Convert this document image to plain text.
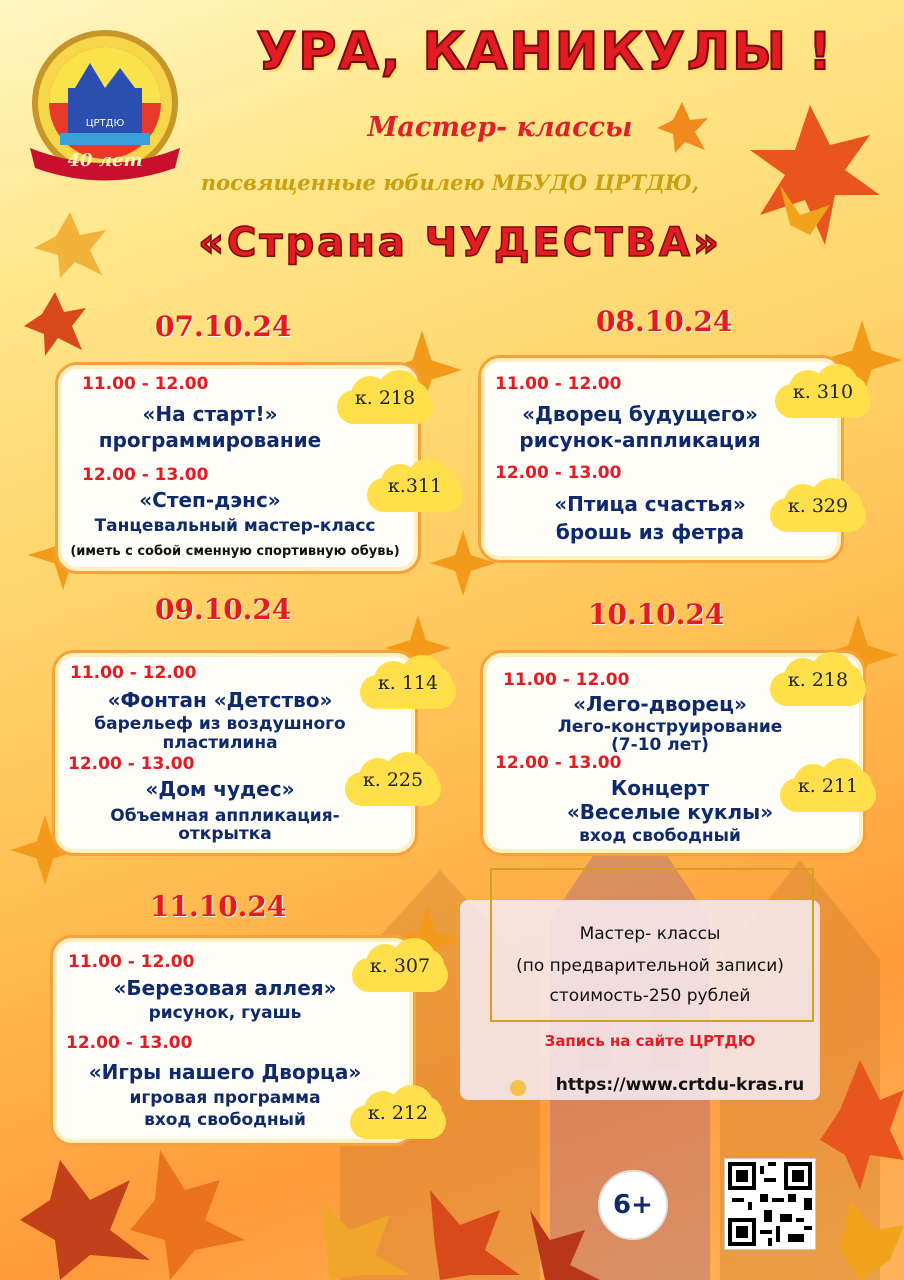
ЦРТДЮ
40 лет
УРА, КАНИКУЛЫ !
Мастер- классы
посвященные юбилею МБУДО ЦРТДЮ,
«Страна ЧУДЕСТВА»
07.10.24
11.00 - 12.00
к. 218
«На старт!»
программирование
12.00 - 13.00	к.311
«Степ-дэнс»
Танцевальный мастер-класс
(иметь с собой сменную спортивную обувь)
08.10.24
11.00 - 12.00	к. 310
«Дворец будущего»
рисунок-аппликация
12.00 - 13.00
к. 329
«Птица счастья»
брошь из фетра
09.10.24
11.00 - 12.00	к. 114
«Фонтан «Детство»
барельеф из воздушного
пластилина
12.00 - 13.00
к. 225
«Дом чудес»
Объемная аппликация-
открытка
10.10.24
11.00 - 12.00	к. 218
«Лего-дворец»
Лего-конструирование
(7-10 лет)
12.00 - 13.00
к. 211
Концерт
«Веселые куклы»
вход свободный
11.10.24
11.00 - 12.00	к. 307
«Березовая аллея»
рисунок, гуашь
12.00 - 13.00
«Игры нашего Дворца»
игровая программа
вход свободный	к. 212
Мастер- классы
(по предварительной записи)
стоимость-250 рублей
Запись на сайте ЦРТДЮ
https://www.crtdu-kras.ru
6+
